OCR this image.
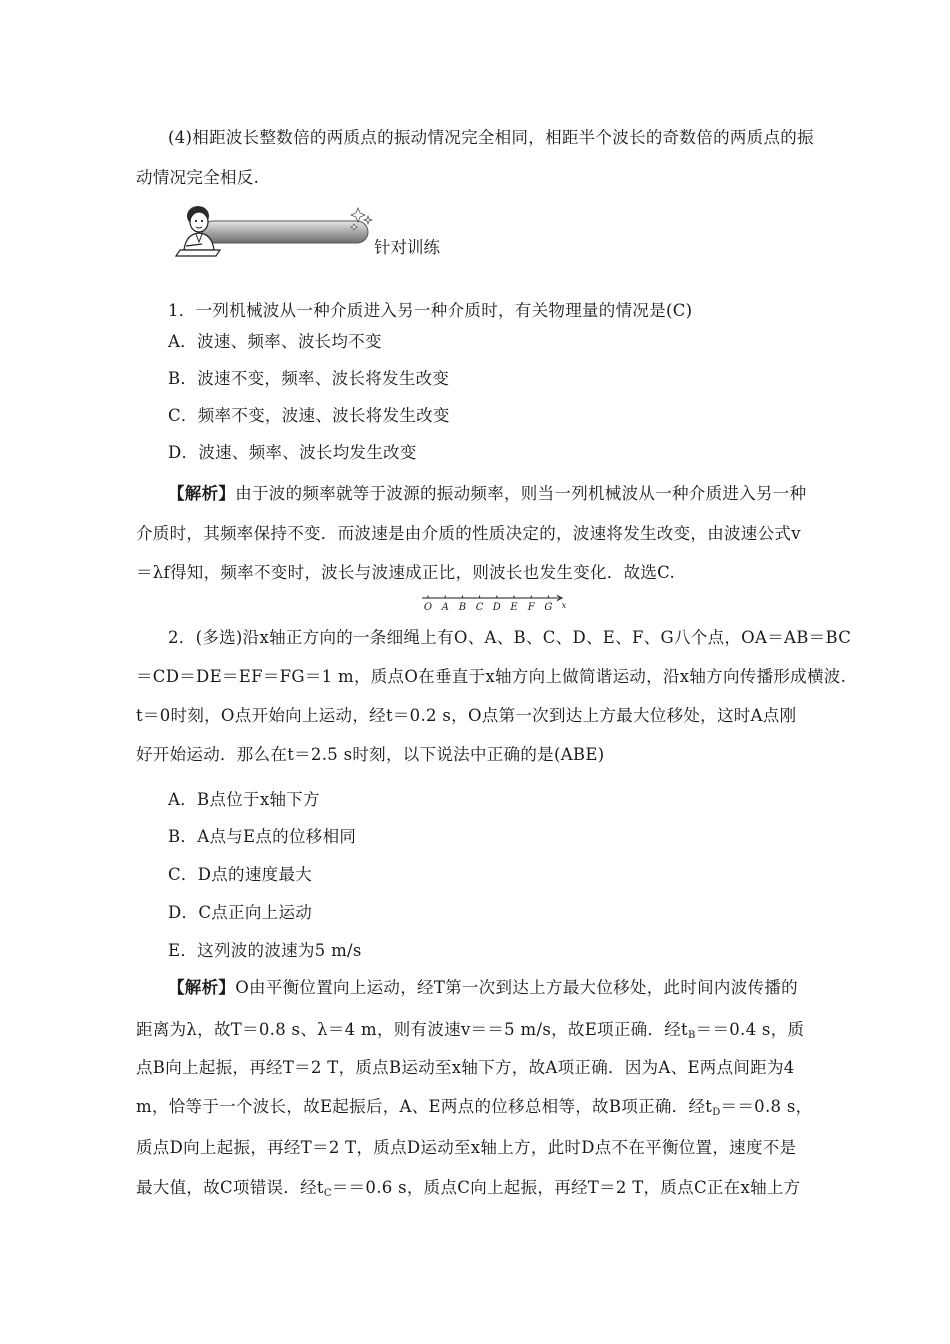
(4)相距波长整数倍的两质点的振动情况完全相同，相距半个波长的奇数倍的两质点的振
动情况完全相反.
针对训练
1．一列机械波从一种介质进入另一种介质时，有关物理量的情况是(C)
A．波速、频率、波长均不变
B．波速不变，频率、波长将发生改变
C．频率不变，波速、波长将发生改变
D．波速、频率、波长均发生改变
【解析】由于波的频率就等于波源的振动频率，则当一列机械波从一种介质进入另一种
介质时，其频率保持不变．而波速是由介质的性质决定的，波速将发生改变，由波速公式v
＝λf得知，频率不变时，波长与波速成正比，则波长也发生变化．故选C.
O A B C D E F G x
2．(多选)沿x轴正方向的一条细绳上有O、A、B、C、D、E、F、G八个点，OA＝AB＝BC
＝CD＝DE＝EF＝FG＝1 m，质点O在垂直于x轴方向上做简谐运动，沿x轴方向传播形成横波.
t＝0时刻，O点开始向上运动，经t＝0.2 s，O点第一次到达上方最大位移处，这时A点刚
好开始运动．那么在t＝2.5 s时刻，以下说法中正确的是(ABE)
A．B点位于x轴下方
B．A点与E点的位移相同
C．D点的速度最大
D．C点正向上运动
E．这列波的波速为5 m/s
【解析】O由平衡位置向上运动，经T第一次到达上方最大位移处，此时间内波传播的
距离为λ，故T＝0.8 s、λ＝4 m，则有波速v＝＝5 m/s，故E项正确．经$t_B==0.4$ s，质
点B向上起振，再经T＝2 T，质点B运动至x轴下方，故A项正确．因为A、E两点间距为4
m，恰等于一个波长，故E起振后，A、E两点的位移总相等，故B项正确．经$t_D==0.8$ s，
质点D向上起振，再经T＝2 T，质点D运动至x轴上方，此时D点不在平衡位置，速度不是
最大值，故C项错误．经$t_C==0.6$ s，质点C向上起振，再经T＝2 T，质点C正在x轴上方
